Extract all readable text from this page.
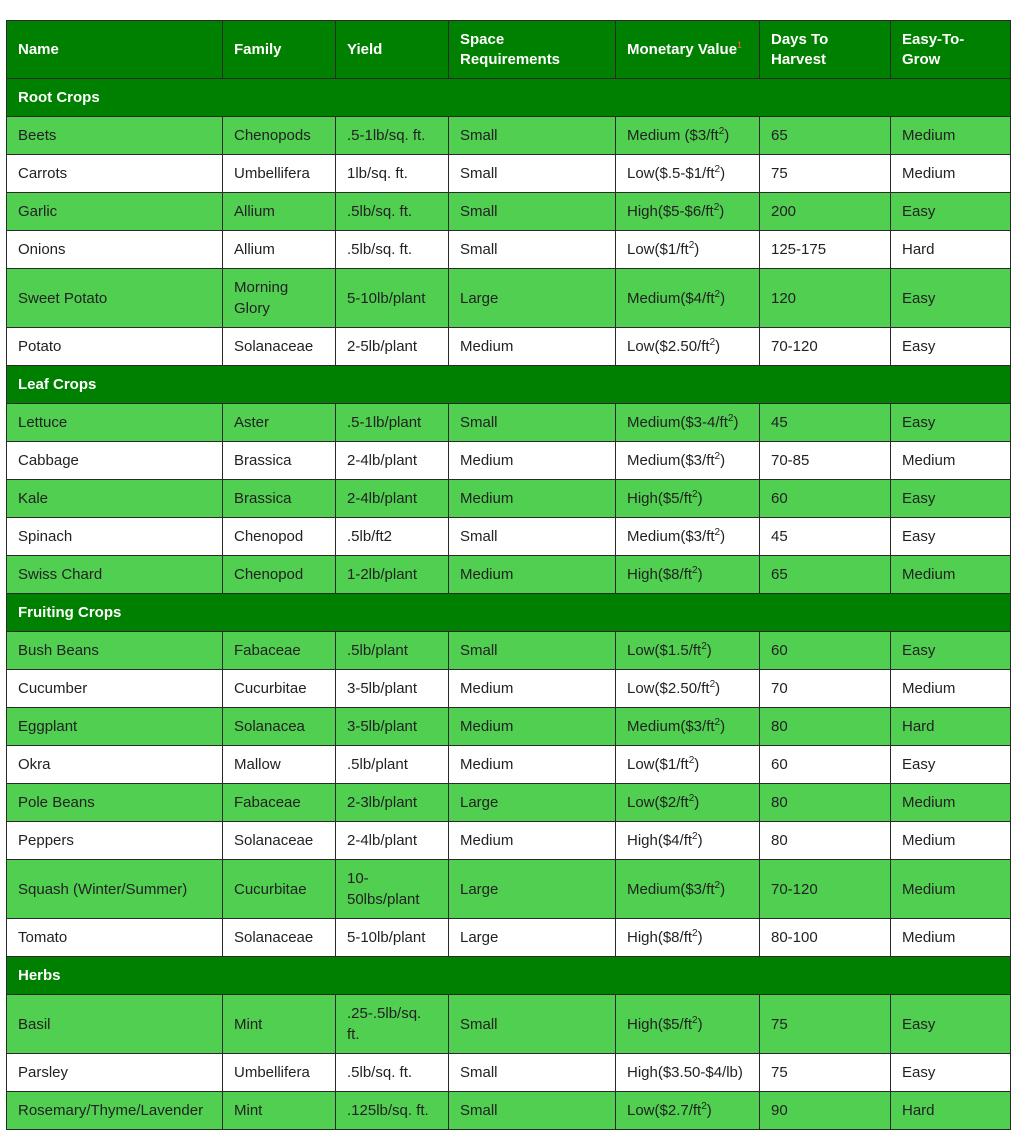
Name	Family	Yield	Space Requirements	Monetary Value$^1$	Days To Harvest	Easy-To-Grow
Root Crops						
Beets	Chenopods	.5-1lb/sq. ft.	Small	Medium $(\$3/ft^2)$	65	Medium
Carrots	Umbellifera	1lb/sq. ft.	Small	$Low(\$.5-\$1/ft^2)$	75	Medium
Garlic	Allium	.5lb/sq. ft.	Small	$High(\$5-\$6/ft^2)$	200	Easy
Onions	Allium	.5lb/sq. ft.	Small	$Low(\$1/ft^2)$	125-175	Hard
Sweet Potato	Morning Glory	5-10lb/plant	Large	$Medium(\$4/ft^2)$	120	Easy
Potato	Solanaceae	2-5lb/plant	Medium	$Low(\$2.50/ft^2)$	70-120	Easy
Leaf Crops						
Lettuce	Aster	.5-1lb/plant	Small	$Medium(\$3-4/ft^2)$	45	Easy
Cabbage	Brassica	2-4lb/plant	Medium	$Medium(\$3/ft^2)$	70-85	Medium
Kale	Brassica	2-4lb/plant	Medium	$High(\$5/ft^2)$	60	Easy
Spinach	Chenopod	.5lb/ft2	Small	$Medium(\$3/ft^2)$	45	Easy
Swiss Chard	Chenopod	1-2lb/plant	Medium	$High(\$8/ft^2)$	65	Medium
Fruiting Crops						
Bush Beans	Fabaceae	.5lb/plant	Small	$Low(\$1.5/ft^2)$	60	Easy
Cucumber	Cucurbitae	3-5lb/plant	Medium	$Low(\$2.50/ft^2)$	70	Medium
Eggplant	Solanacea	3-5lb/plant	Medium	$Medium(\$3/ft^2)$	80	Hard
Okra	Mallow	.5lb/plant	Medium	$Low(\$1/ft^2)$	60	Easy
Pole Beans	Fabaceae	2-3lb/plant	Large	$Low(\$2/ft^2)$	80	Medium
Peppers	Solanaceae	2-4lb/plant	Medium	$High(\$4/ft^2)$	80	Medium
Squash (Winter/Summer)	Cucurbitae	10-50lbs/plant	Large	$Medium(\$3/ft^2)$	70-120	Medium
Tomato	Solanaceae	5-10lb/plant	Large	$High(\$8/ft^2)$	80-100	Medium
Herbs						
Basil	Mint	.25-.5lb/sq. ft.	Small	$High(\$5/ft^2)$	75	Easy
Parsley	Umbellifera	.5lb/sq. ft.	Small	High($3.50-$4/lb)	75	Easy
Rosemary/Thyme/Lavender	Mint	.125lb/sq. ft.	Small	$Low(\$2.7/ft^2)$	90	Hard
